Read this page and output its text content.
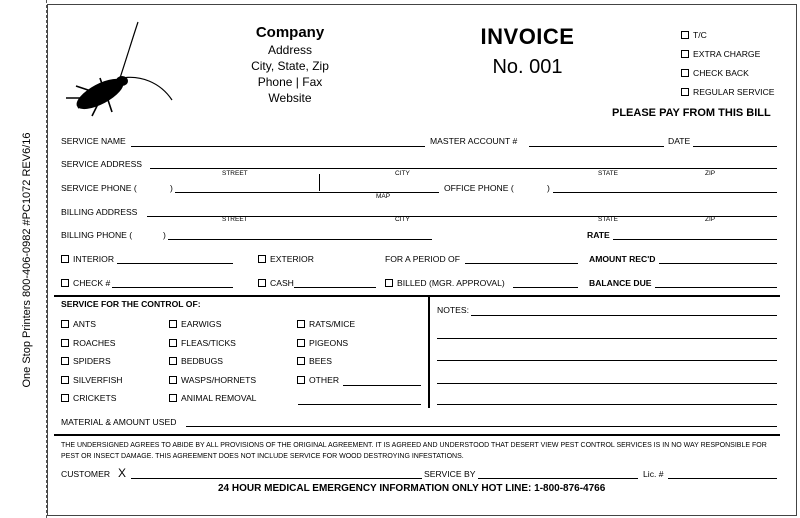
One Stop Printers 800-406-0982 #PC1072 REV6/16
Company
Address
City, State, Zip
Phone | Fax
Website
INVOICE
No. 001
T/C
EXTRA CHARGE
CHECK BACK
REGULAR SERVICE
PLEASE PAY FROM THIS BILL
SERVICE NAME	MASTER ACCOUNT #	DATE
SERVICE ADDRESS
STREET	CITY	STATE	ZIP
SERVICE PHONE (	)
MAP
OFFICE PHONE (	)
BILLING ADDRESS
STREET	CITY	STATE	ZIP
BILLING PHONE (	)	RATE
INTERIOR	EXTERIOR	FOR A PERIOD OF	AMOUNT REC'D
CHECK #	CASH	BILLED (MGR. APPROVAL)	BALANCE DUE
SERVICE FOR THE CONTROL OF:
ANTS
ROACHES
SPIDERS
SILVERFISH
CRICKETS
EARWIGS
FLEAS/TICKS
BEDBUGS
WASPS/HORNETS
ANIMAL REMOVAL
RATS/MICE
PIGEONS
BEES
OTHER
NOTES:
MATERIAL & AMOUNT USED
THE UNDERSIGNED AGREES TO ABIDE BY ALL PROVISIONS OF THE ORIGINAL AGREEMENT. IT IS AGREED AND UNDERSTOOD THAT DESERT VIEW PEST CONTROL SERVICES IS IN NO WAY RESPONSIBLE FOR PEST OR INSECT DAMAGE. THIS AGREEMENT DOES NOT INCLUDE SERVICE FOR WOOD DESTROYING INFESTATIONS.
CUSTOMER X	SERVICE BY	Lic. #
24 HOUR MEDICAL EMERGENCY INFORMATION ONLY HOT LINE: 1-800-876-4766
